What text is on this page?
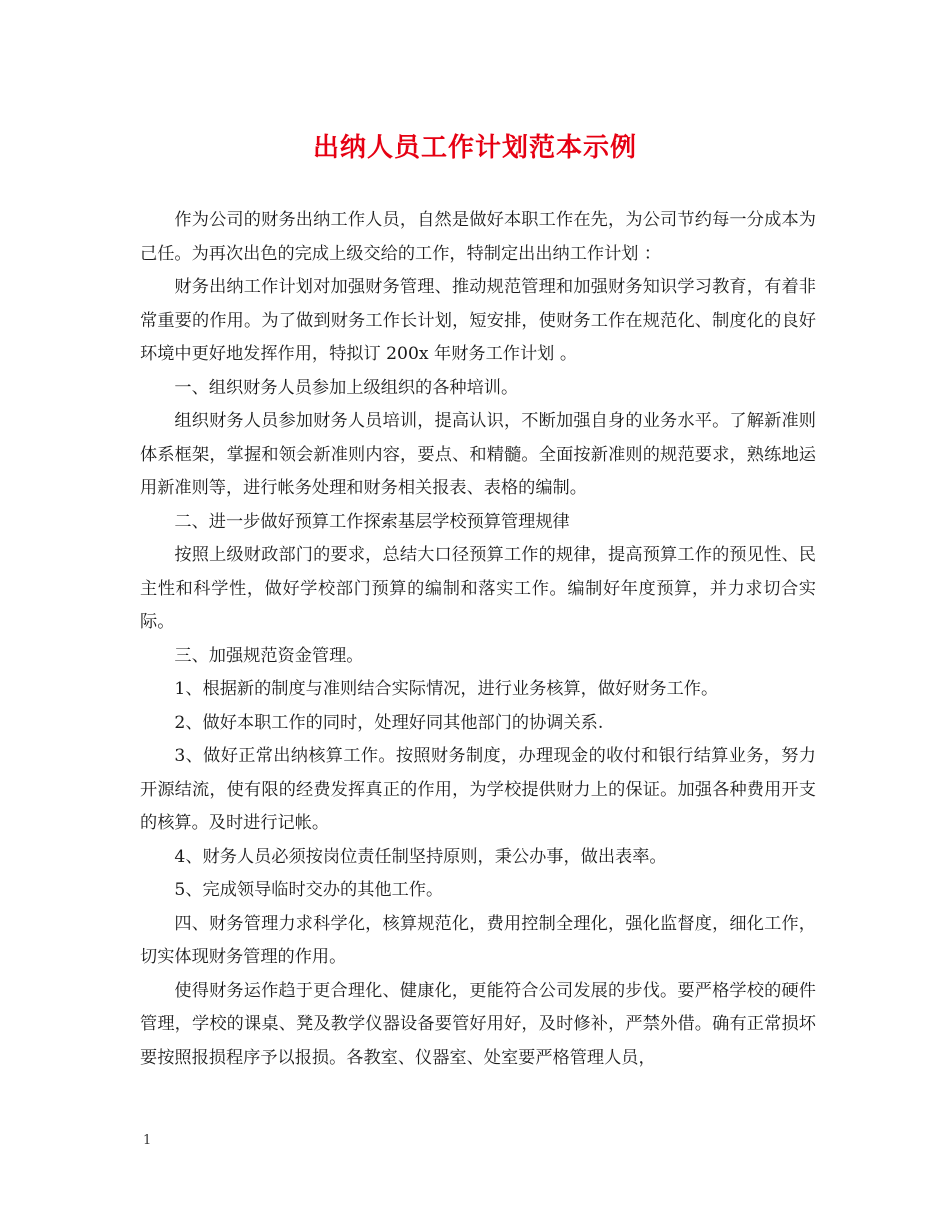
出纳人员工作计划范本示例

作为公司的财务出纳工作人员，自然是做好本职工作在先，为公司节约每一分成本为己任。为再次出色的完成上级交给的工作，特制定出出纳工作计划 ：

财务出纳工作计划对加强财务管理、推动规范管理和加强财务知识学习教育，有着非常重要的作用。为了做到财务工作长计划，短安排，使财务工作在规范化、制度化的良好环境中更好地发挥作用，特拟订 200x 年财务工作计划 。

一、组织财务人员参加上级组织的各种培训。

组织财务人员参加财务人员培训，提高认识，不断加强自身的业务水平。了解新准则体系框架，掌握和领会新准则内容，要点、和精髓。全面按新准则的规范要求，熟练地运用新准则等，进行帐务处理和财务相关报表、表格的编制。

二、进一步做好预算工作探索基层学校预算管理规律

按照上级财政部门的要求，总结大口径预算工作的规律，提高预算工作的预见性、民主性和科学性，做好学校部门预算的编制和落实工作。编制好年度预算，并力求切合实际。

三、加强规范资金管理。

1、根据新的制度与准则结合实际情况，进行业务核算，做好财务工作。

2、做好本职工作的同时，处理好同其他部门的协调关系.

3、做好正常出纳核算工作。按照财务制度，办理现金的收付和银行结算业务，努力开源结流，使有限的经费发挥真正的作用，为学校提供财力上的保证。加强各种费用开支的核算。及时进行记帐。

4、财务人员必须按岗位责任制坚持原则，秉公办事，做出表率。

5、完成领导临时交办的其他工作。

四、财务管理力求科学化，核算规范化，费用控制全理化，强化监督度，细化工作，切实体现财务管理的作用。

使得财务运作趋于更合理化、健康化，更能符合公司发展的步伐。要严格学校的硬件管理，学校的课桌、凳及教学仪器设备要管好用好，及时修补，严禁外借。确有正常损坏要按照报损程序予以报损。各教室、仪器室、处室要严格管理人员，

1
